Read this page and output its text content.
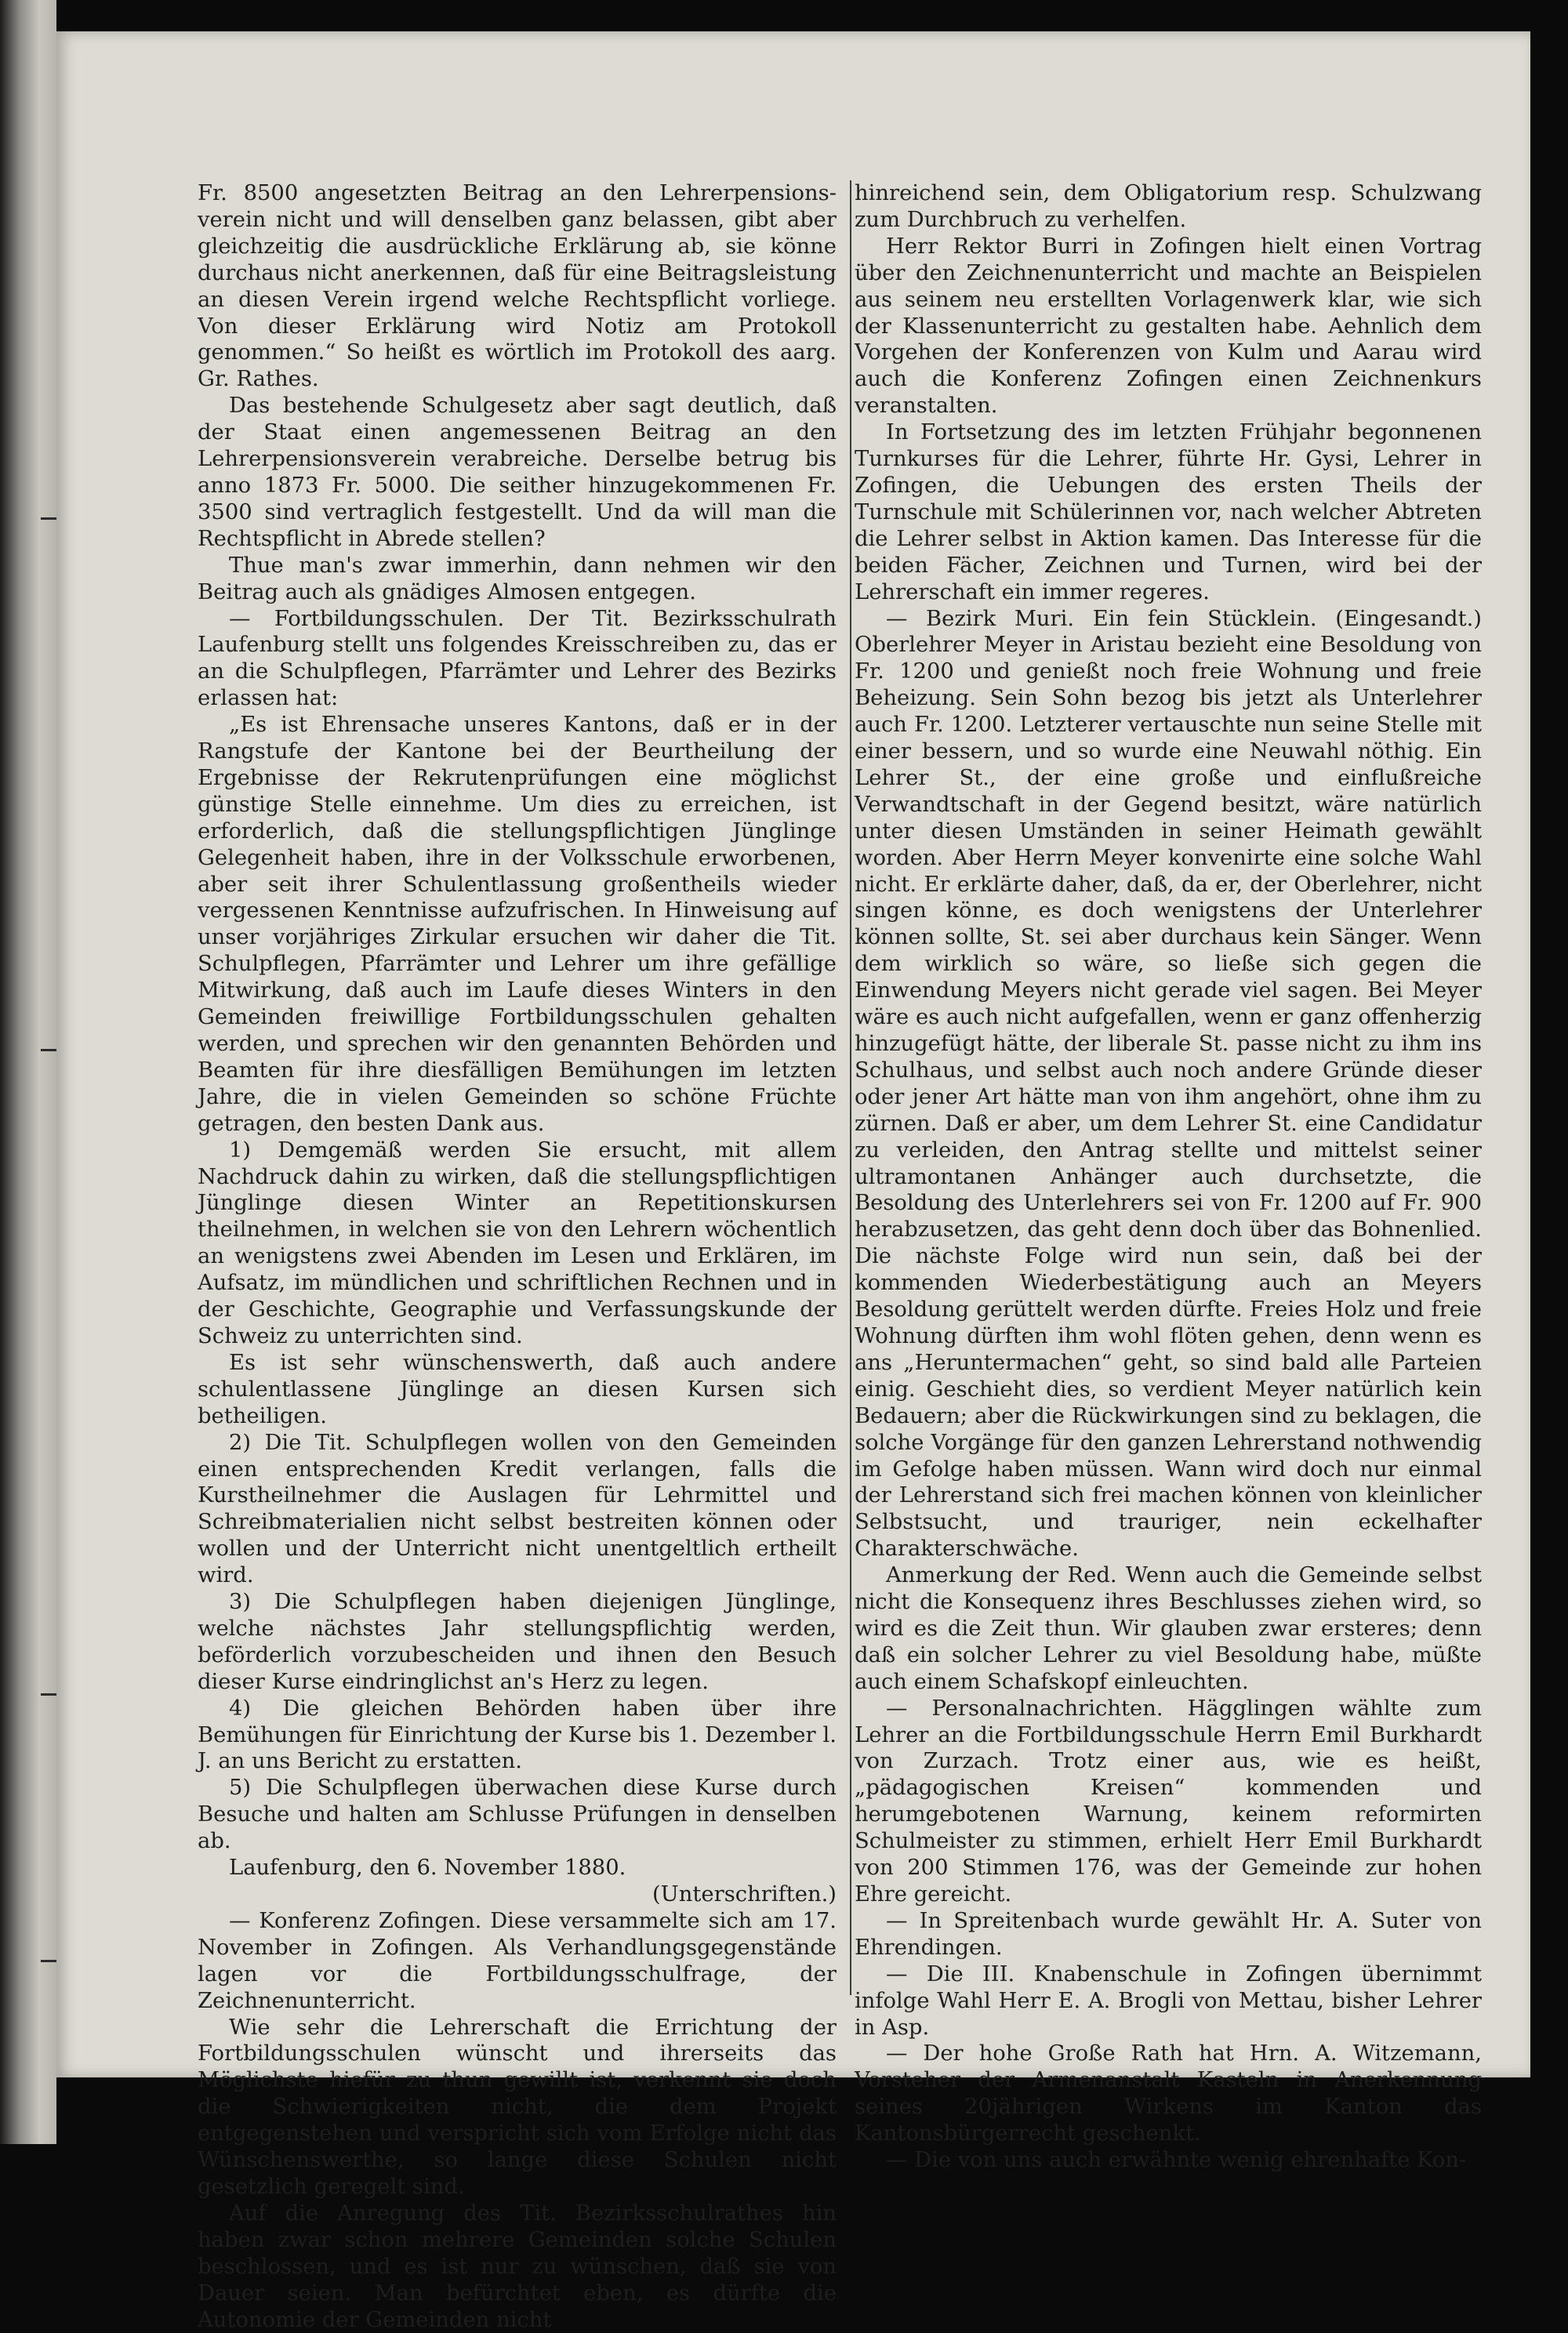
Fr. 8500 angesetzten Beitrag an den Lehrerpensionsverein nicht und will denselben ganz belassen, gibt aber gleichzeitig die ausdrückliche Erklärung ab, sie könne durchaus nicht anerkennen, daß für eine Beitragsleistung an diesen Verein irgend welche Rechtspflicht vorliege. Von dieser Erklärung wird Notiz am Protokoll genommen.“ So heißt es wörtlich im Protokoll des aarg. Gr. Rathes.

Das bestehende Schulgesetz aber sagt deutlich, daß der Staat einen angemessenen Beitrag an den Lehrerpensionsverein verabreiche. Derselbe betrug bis anno 1873 Fr. 5000. Die seither hinzugekommenen Fr. 3500 sind vertraglich festgestellt. Und da will man die Rechtspflicht in Abrede stellen?

Thue man's zwar immerhin, dann nehmen wir den Beitrag auch als gnädiges Almosen entgegen.

— Fortbildungsschulen. Der Tit. Bezirksschulrath Laufenburg stellt uns folgendes Kreisschreiben zu, das er an die Schulpflegen, Pfarrämter und Lehrer des Bezirks erlassen hat:

„Es ist Ehrensache unseres Kantons, daß er in der Rangstufe der Kantone bei der Beurtheilung der Ergebnisse der Rekrutenprüfungen eine möglichst günstige Stelle einnehme. Um dies zu erreichen, ist erforderlich, daß die stellungspflichtigen Jünglinge Gelegenheit haben, ihre in der Volksschule erworbenen, aber seit ihrer Schulentlassung großentheils wieder vergessenen Kenntnisse aufzufrischen. In Hinweisung auf unser vorjähriges Zirkular ersuchen wir daher die Tit. Schulpflegen, Pfarrämter und Lehrer um ihre gefällige Mitwirkung, daß auch im Laufe dieses Winters in den Gemeinden freiwillige Fortbildungsschulen gehalten werden, und sprechen wir den genannten Behörden und Beamten für ihre diesfälligen Bemühungen im letzten Jahre, die in vielen Gemeinden so schöne Früchte getragen, den besten Dank aus.

1) Demgemäß werden Sie ersucht, mit allem Nachdruck dahin zu wirken, daß die stellungspflichtigen Jünglinge diesen Winter an Repetitionskursen theilnehmen, in welchen sie von den Lehrern wöchentlich an wenigstens zwei Abenden im Lesen und Erklären, im Aufsatz, im mündlichen und schriftlichen Rechnen und in der Geschichte, Geographie und Verfassungskunde der Schweiz zu unterrichten sind.

Es ist sehr wünschenswerth, daß auch andere schulentlassene Jünglinge an diesen Kursen sich betheiligen.

2) Die Tit. Schulpflegen wollen von den Gemeinden einen entsprechenden Kredit verlangen, falls die Kurstheilnehmer die Auslagen für Lehrmittel und Schreibmaterialien nicht selbst bestreiten können oder wollen und der Unterricht nicht unentgeltlich ertheilt wird.

3) Die Schulpflegen haben diejenigen Jünglinge, welche nächstes Jahr stellungspflichtig werden, beförderlich vorzubescheiden und ihnen den Besuch dieser Kurse eindringlichst an's Herz zu legen.

4) Die gleichen Behörden haben über ihre Bemühungen für Einrichtung der Kurse bis 1. Dezember l. J. an uns Bericht zu erstatten.

5) Die Schulpflegen überwachen diese Kurse durch Besuche und halten am Schlusse Prüfungen in denselben ab.

Laufenburg, den 6. November 1880.

(Unterschriften.)

— Konferenz Zofingen. Diese versammelte sich am 17. November in Zofingen. Als Verhandlungsgegenstände lagen vor die Fortbildungsschulfrage, der Zeichnenunterricht.

Wie sehr die Lehrerschaft die Errichtung der Fortbildungsschulen wünscht und ihrerseits das Möglichste hiefür zu thun gewillt ist, verkennt sie doch die Schwierigkeiten nicht, die dem Projekt entgegenstehen und verspricht sich vom Erfolge nicht das Wünschenswerthe, so lange diese Schulen nicht gesetzlich geregelt sind.

Auf die Anregung des Tit. Bezirksschulrathes hin haben zwar schon mehrere Gemeinden solche Schulen beschlossen, und es ist nur zu wünschen, daß sie von Dauer seien. Man befürchtet eben, es dürfte die Autonomie der Gemeinden nicht

hinreichend sein, dem Obligatorium resp. Schulzwang zum Durchbruch zu verhelfen.

Herr Rektor Burri in Zofingen hielt einen Vortrag über den Zeichnenunterricht und machte an Beispielen aus seinem neu erstellten Vorlagenwerk klar, wie sich der Klassenunterricht zu gestalten habe. Aehnlich dem Vorgehen der Konferenzen von Kulm und Aarau wird auch die Konferenz Zofingen einen Zeichnenkurs veranstalten.

In Fortsetzung des im letzten Frühjahr begonnenen Turnkurses für die Lehrer, führte Hr. Gysi, Lehrer in Zofingen, die Uebungen des ersten Theils der Turnschule mit Schülerinnen vor, nach welcher Abtreten die Lehrer selbst in Aktion kamen. Das Interesse für die beiden Fächer, Zeichnen und Turnen, wird bei der Lehrerschaft ein immer regeres.

— Bezirk Muri. Ein fein Stücklein. (Eingesandt.) Oberlehrer Meyer in Aristau bezieht eine Besoldung von Fr. 1200 und genießt noch freie Wohnung und freie Beheizung. Sein Sohn bezog bis jetzt als Unterlehrer auch Fr. 1200. Letzterer vertauschte nun seine Stelle mit einer bessern, und so wurde eine Neuwahl nöthig. Ein Lehrer St., der eine große und einflußreiche Verwandtschaft in der Gegend besitzt, wäre natürlich unter diesen Umständen in seiner Heimath gewählt worden. Aber Herrn Meyer konvenirte eine solche Wahl nicht. Er erklärte daher, daß, da er, der Oberlehrer, nicht singen könne, es doch wenigstens der Unterlehrer können sollte, St. sei aber durchaus kein Sänger. Wenn dem wirklich so wäre, so ließe sich gegen die Einwendung Meyers nicht gerade viel sagen. Bei Meyer wäre es auch nicht aufgefallen, wenn er ganz offenherzig hinzugefügt hätte, der liberale St. passe nicht zu ihm ins Schulhaus, und selbst auch noch andere Gründe dieser oder jener Art hätte man von ihm angehört, ohne ihm zu zürnen. Daß er aber, um dem Lehrer St. eine Candidatur zu verleiden, den Antrag stellte und mittelst seiner ultramontanen Anhänger auch durchsetzte, die Besoldung des Unterlehrers sei von Fr. 1200 auf Fr. 900 herabzusetzen, das geht denn doch über das Bohnenlied. Die nächste Folge wird nun sein, daß bei der kommenden Wiederbestätigung auch an Meyers Besoldung gerüttelt werden dürfte. Freies Holz und freie Wohnung dürften ihm wohl flöten gehen, denn wenn es ans „Heruntermachen“ geht, so sind bald alle Parteien einig. Geschieht dies, so verdient Meyer natürlich kein Bedauern; aber die Rückwirkungen sind zu beklagen, die solche Vorgänge für den ganzen Lehrerstand nothwendig im Gefolge haben müssen. Wann wird doch nur einmal der Lehrerstand sich frei machen können von kleinlicher Selbstsucht, und trauriger, nein eckelhafter Charakterschwäche.

Anmerkung der Red. Wenn auch die Gemeinde selbst nicht die Konsequenz ihres Beschlusses ziehen wird, so wird es die Zeit thun. Wir glauben zwar ersteres; denn daß ein solcher Lehrer zu viel Besoldung habe, müßte auch einem Schafskopf einleuchten.

— Personalnachrichten. Hägglingen wählte zum Lehrer an die Fortbildungsschule Herrn Emil Burkhardt von Zurzach. Trotz einer aus, wie es heißt, „pädagogischen Kreisen“ kommenden und herumgebotenen Warnung, keinem reformirten Schulmeister zu stimmen, erhielt Herr Emil Burkhardt von 200 Stimmen 176, was der Gemeinde zur hohen Ehre gereicht.

— In Spreitenbach wurde gewählt Hr. A. Suter von Ehrendingen.

— Die III. Knabenschule in Zofingen übernimmt infolge Wahl Herr E. A. Brogli von Mettau, bisher Lehrer in Asp.

— Der hohe Große Rath hat Hrn. A. Witzemann, Vorsteher der Armenanstalt Kasteln in Anerkennung seines 20jährigen Wirkens im Kanton das Kantonsbürgerrecht geschenkt.

— Die von uns auch erwähnte wenig ehrenhafte Kon-
